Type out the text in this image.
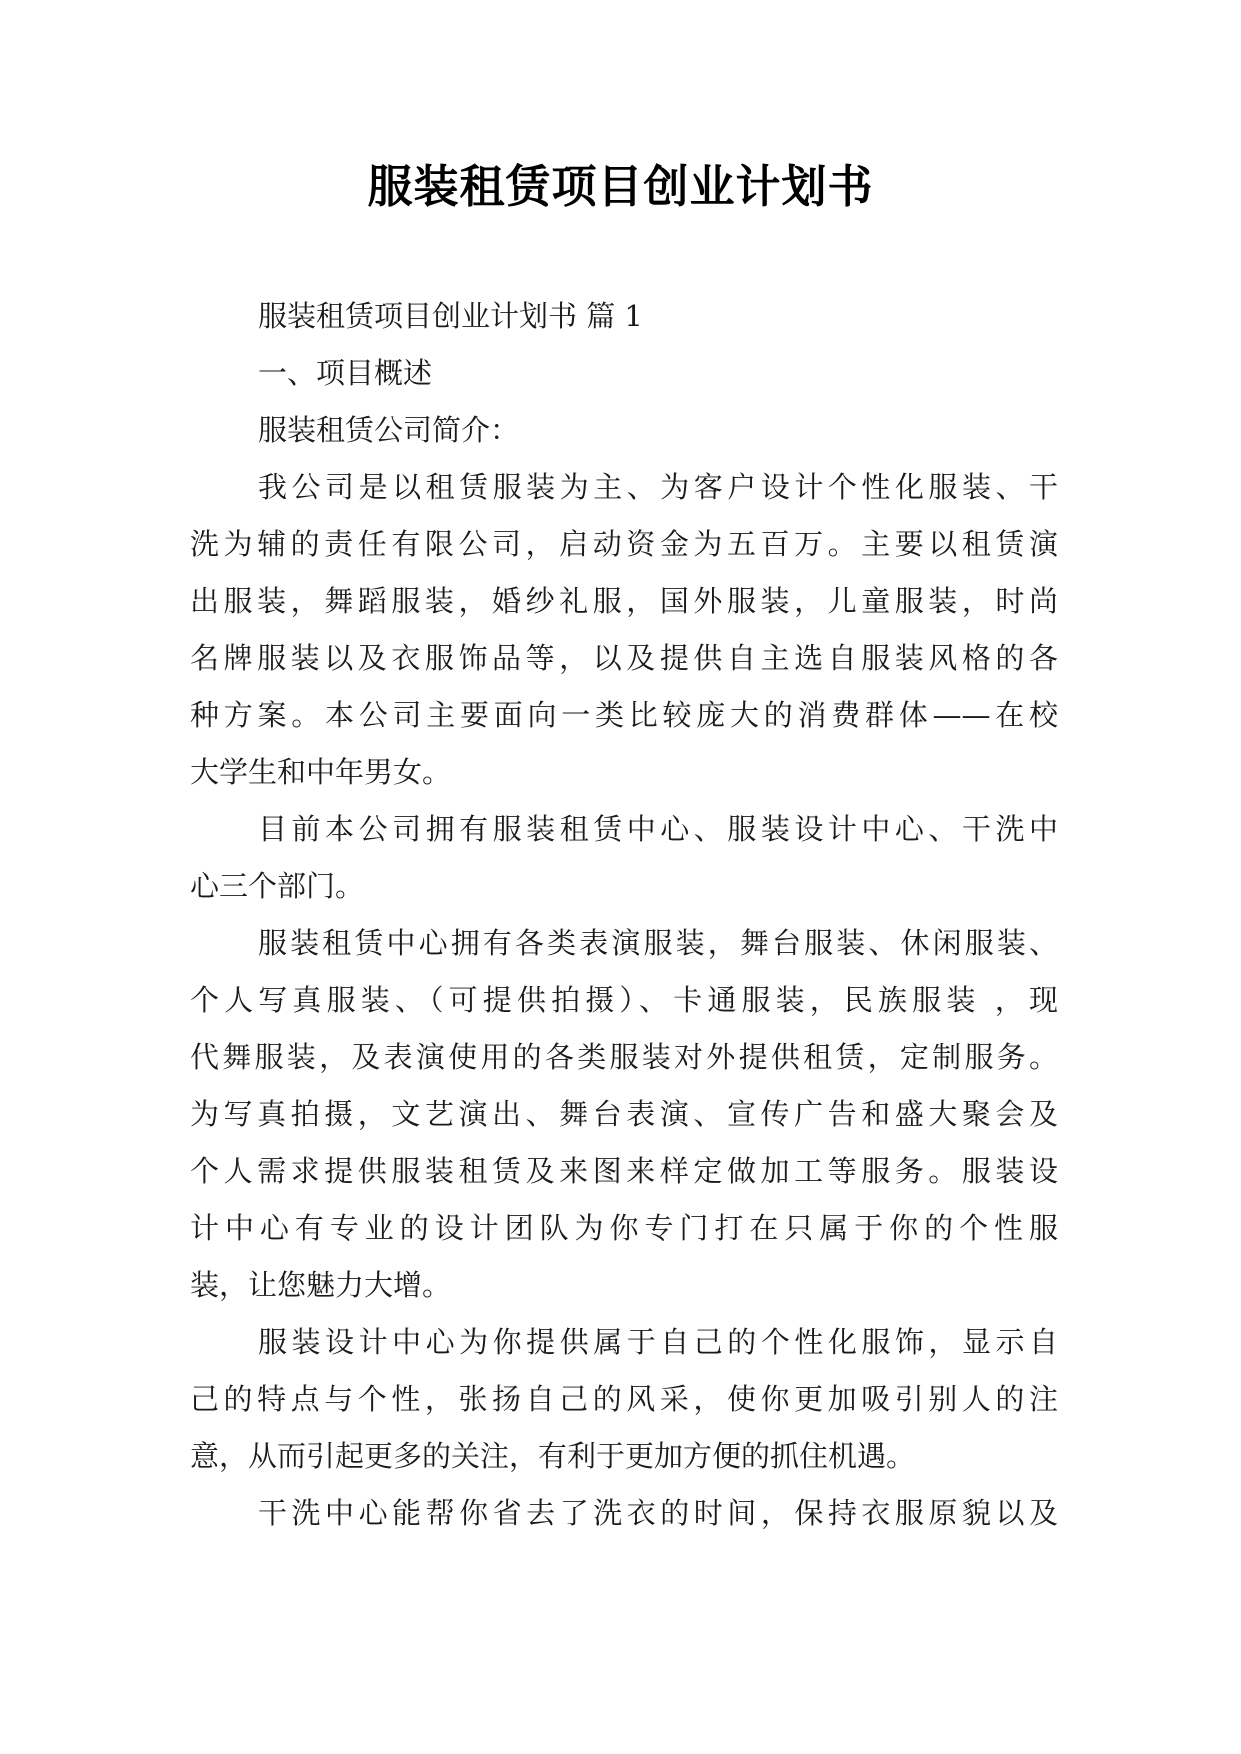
服装租赁项目创业计划书
服装租赁项目创业计划书 篇 1
一、项目概述
服装租赁公司简介：
我公司是以租赁服装为主、为客户设计个性化服装、干
洗为辅的责任有限公司，启动资金为五百万。主要以租赁演
出服装，舞蹈服装，婚纱礼服，国外服装，儿童服装，时尚
名牌服装以及衣服饰品等，以及提供自主选自服装风格的各
种方案。本公司主要面向一类比较庞大的消费群体——在校
大学生和中年男女。
目前本公司拥有服装租赁中心、服装设计中心、干洗中
心三个部门。
服装租赁中心拥有各类表演服装，舞台服装、休闲服装、
个人写真服装、（可提供拍摄）、卡通服装，民族服装 ，现
代舞服装，及表演使用的各类服装对外提供租赁，定制服务。
为写真拍摄，文艺演出、舞台表演、宣传广告和盛大聚会及
个人需求提供服装租赁及来图来样定做加工等服务。服装设
计中心有专业的设计团队为你专门打在只属于你的个性服
装，让您魅力大增。
服装设计中心为你提供属于自己的个性化服饰，显示自
己的特点与个性，张扬自己的风采，使你更加吸引别人的注
意，从而引起更多的关注，有利于更加方便的抓住机遇。
干洗中心能帮你省去了洗衣的时间，保持衣服原貌以及
